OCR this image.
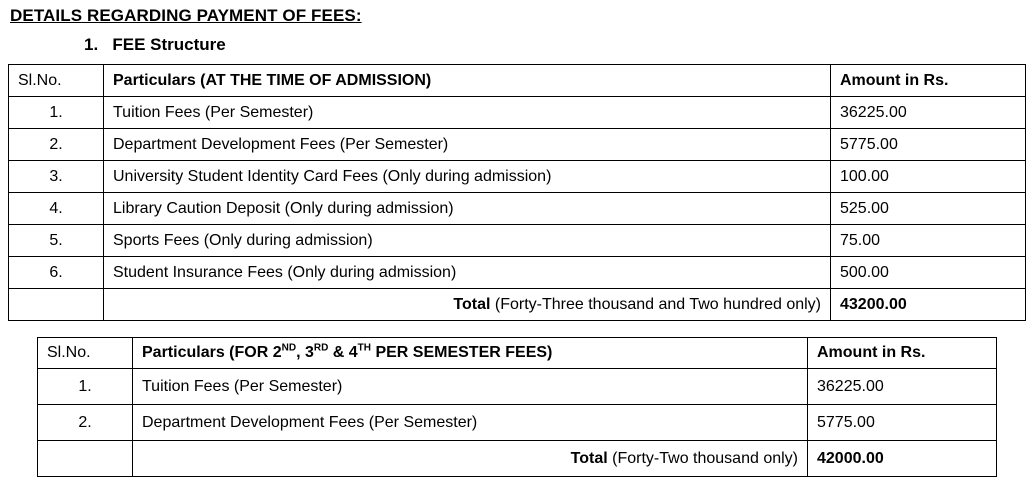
DETAILS REGARDING PAYMENT OF FEES:
1. FEE Structure
Sl.No.	Particulars (AT THE TIME OF ADMISSION)	Amount in Rs.
1.	Tuition Fees (Per Semester)	36225.00
2.	Department Development Fees (Per Semester)	5775.00
3.	University Student Identity Card Fees (Only during admission)	100.00
4.	Library Caution Deposit (Only during admission)	525.00
5.	Sports Fees (Only during admission)	75.00
6.	Student Insurance Fees (Only during admission)	500.00
	Total (Forty-Three thousand and Two hundred only)	43200.00
Sl.No.	Particulars (FOR 2ND, 3RD & 4TH PER SEMESTER FEES)	Amount in Rs.
1.	Tuition Fees (Per Semester)	36225.00
2.	Department Development Fees (Per Semester)	5775.00
	Total (Forty-Two thousand only)	42000.00
